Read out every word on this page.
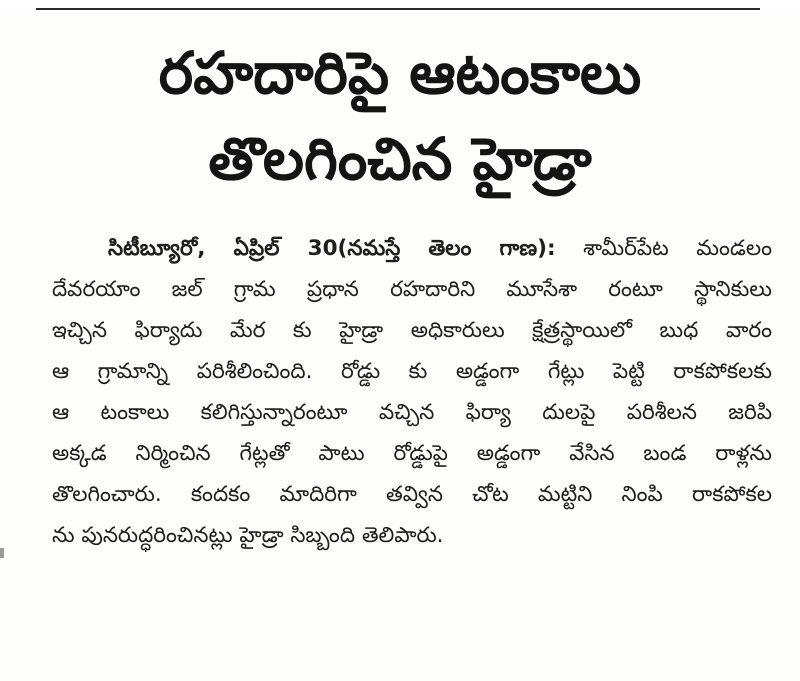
రహదారిపై ఆటంకాలు
తొలగించిన హైడ్రా
సిటీబ్యూరో, ఏప్రిల్ 30(నమస్తే తెలం గాణ): శామీర్‌పేట మండలం
దేవరయాం జల్ గ్రామ ప్రధాన రహదారిని మూసేశా రంటూ స్థానికులు
ఇచ్చిన ఫిర్యాదు మేర కు హైడ్రా అధికారులు క్షేత్రస్థాయిలో బుధ వారం
ఆ గ్రామాన్ని పరిశీలించింది. రోడ్డు కు అడ్డంగా గేట్లు పెట్టి రాకపోకలకు
ఆ టంకాలు కలిగిస్తున్నారంటూ వచ్చిన ఫిర్యా దులపై పరిశీలన జరిపి
అక్కడ నిర్మించిన గేట్లతో పాటు రోడ్డుపై అడ్డంగా వేసిన బండ రాళ్లను
తొలగించారు. కందకం మాదిరిగా తవ్విన చోట మట్టిని నింపి రాకపోకల
ను పునరుద్ధరించినట్లు హైడ్రా సిబ్బంది తెలిపారు.
